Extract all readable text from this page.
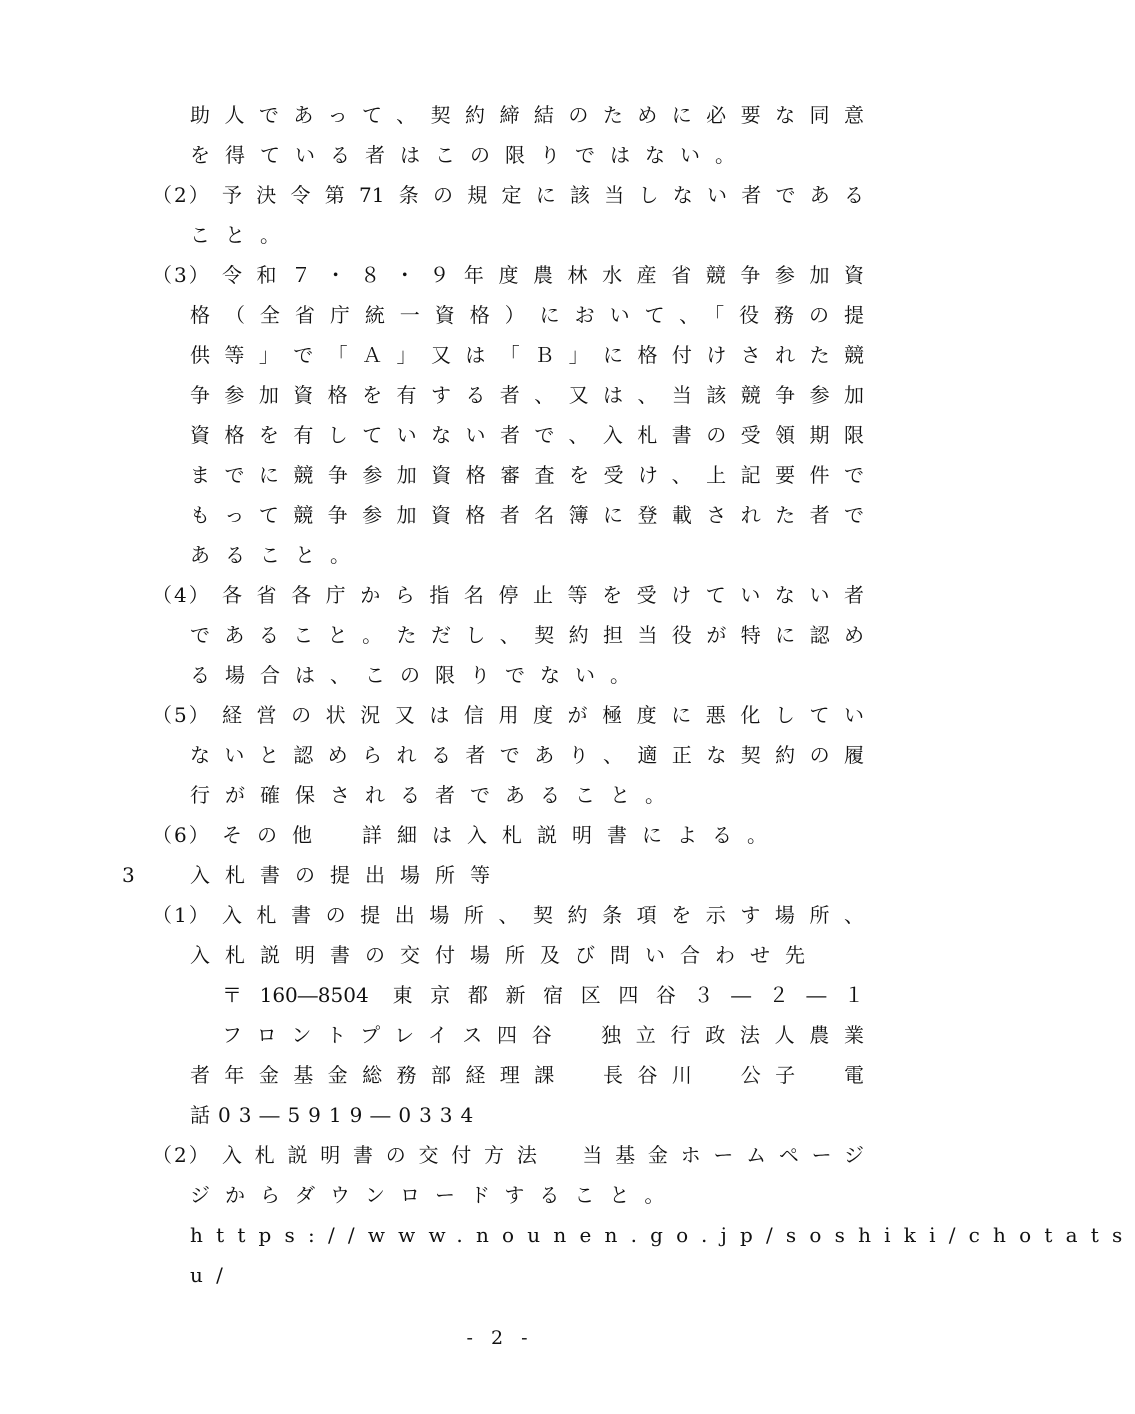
助人であって、契約締結のために必要な同意
を得ている者はこの限りではない。
（2） 予決令第71条の規定に該当しない者である
こと。
（3） 令和７・８・９年度農林水産省競争参加資
格（全省庁統一資格）において、「役務の提
供等」で「Ａ」又は「Ｂ」に格付けされた競
争参加資格を有する者、又は、当該競争参加
資格を有していない者で、入札書の受領期限
までに競争参加資格審査を受け、上記要件で
もって競争参加資格者名簿に登載された者で
あること。
（4） 各省各庁から指名停止等を受けていない者
であること。ただし、契約担当役が特に認め
る場合は、この限りでない。
（5） 経営の状況又は信用度が極度に悪化してい
ないと認められる者であり、適正な契約の履
行が確保される者であること。
（6） その他　詳細は入札説明書による。
3 入札書の提出場所等
（1） 入札書の提出場所、契約条項を示す場所、
入札説明書の交付場所及び問い合わせ先
〒160―8504 東京都新宿区四谷３―２―１
フロントプレイス四谷　独立行政法人農業
者年金基金総務部経理課　長谷川　公子　電
話03―5919―0334
（2） 入札説明書の交付方法　当基金ホームページ
ジからダウンロードすること。
https://www.nounen.go.jp/soshiki/chotats
u/
- 2 -
